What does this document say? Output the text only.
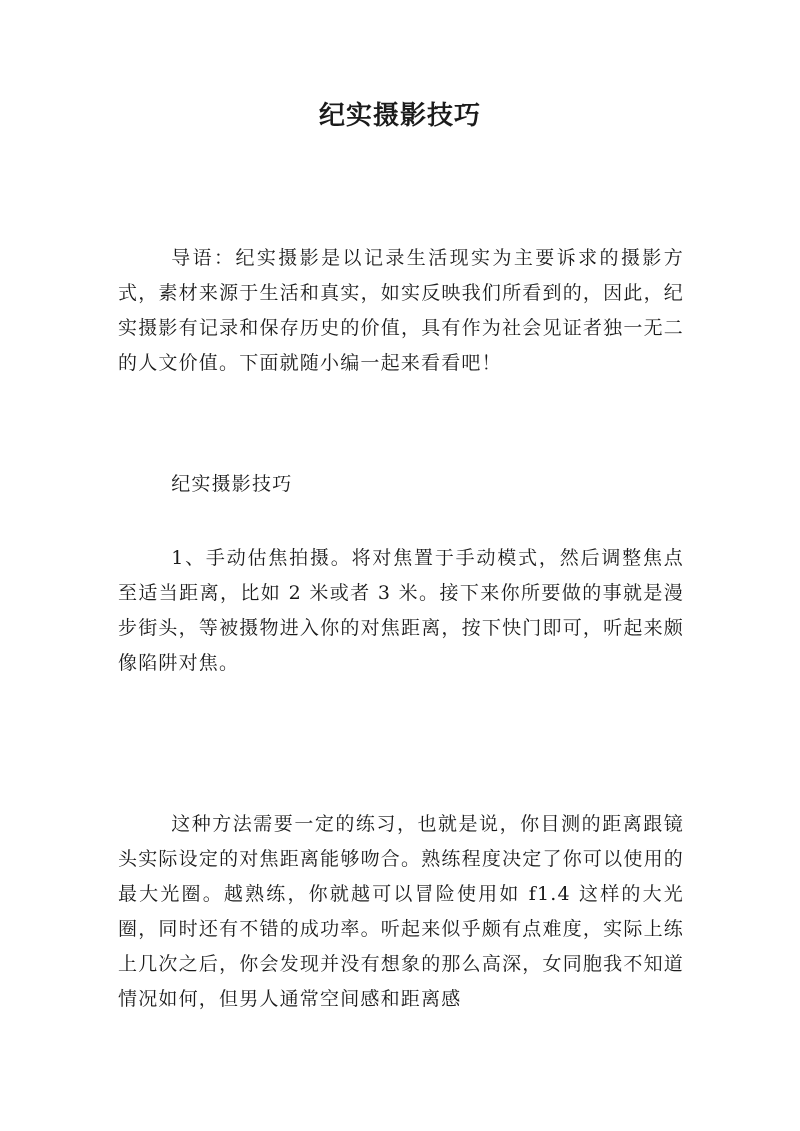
纪实摄影技巧

导语：纪实摄影是以记录生活现实为主要诉求的摄影方式，素材来源于生活和真实，如实反映我们所看到的，因此，纪实摄影有记录和保存历史的价值，具有作为社会见证者独一无二的人文价值。下面就随小编一起来看看吧！

纪实摄影技巧

1、手动估焦拍摄。将对焦置于手动模式，然后调整焦点至适当距离，比如 2 米或者 3 米。接下来你所要做的事就是漫步街头，等被摄物进入你的对焦距离，按下快门即可，听起来颇像陷阱对焦。

这种方法需要一定的练习，也就是说，你目测的距离跟镜头实际设定的对焦距离能够吻合。熟练程度决定了你可以使用的最大光圈。越熟练，你就越可以冒险使用如 f1.4 这样的大光圈，同时还有不错的成功率。听起来似乎颇有点难度，实际上练上几次之后，你会发现并没有想象的那么高深，女同胞我不知道情况如何，但男人通常空间感和距离感
